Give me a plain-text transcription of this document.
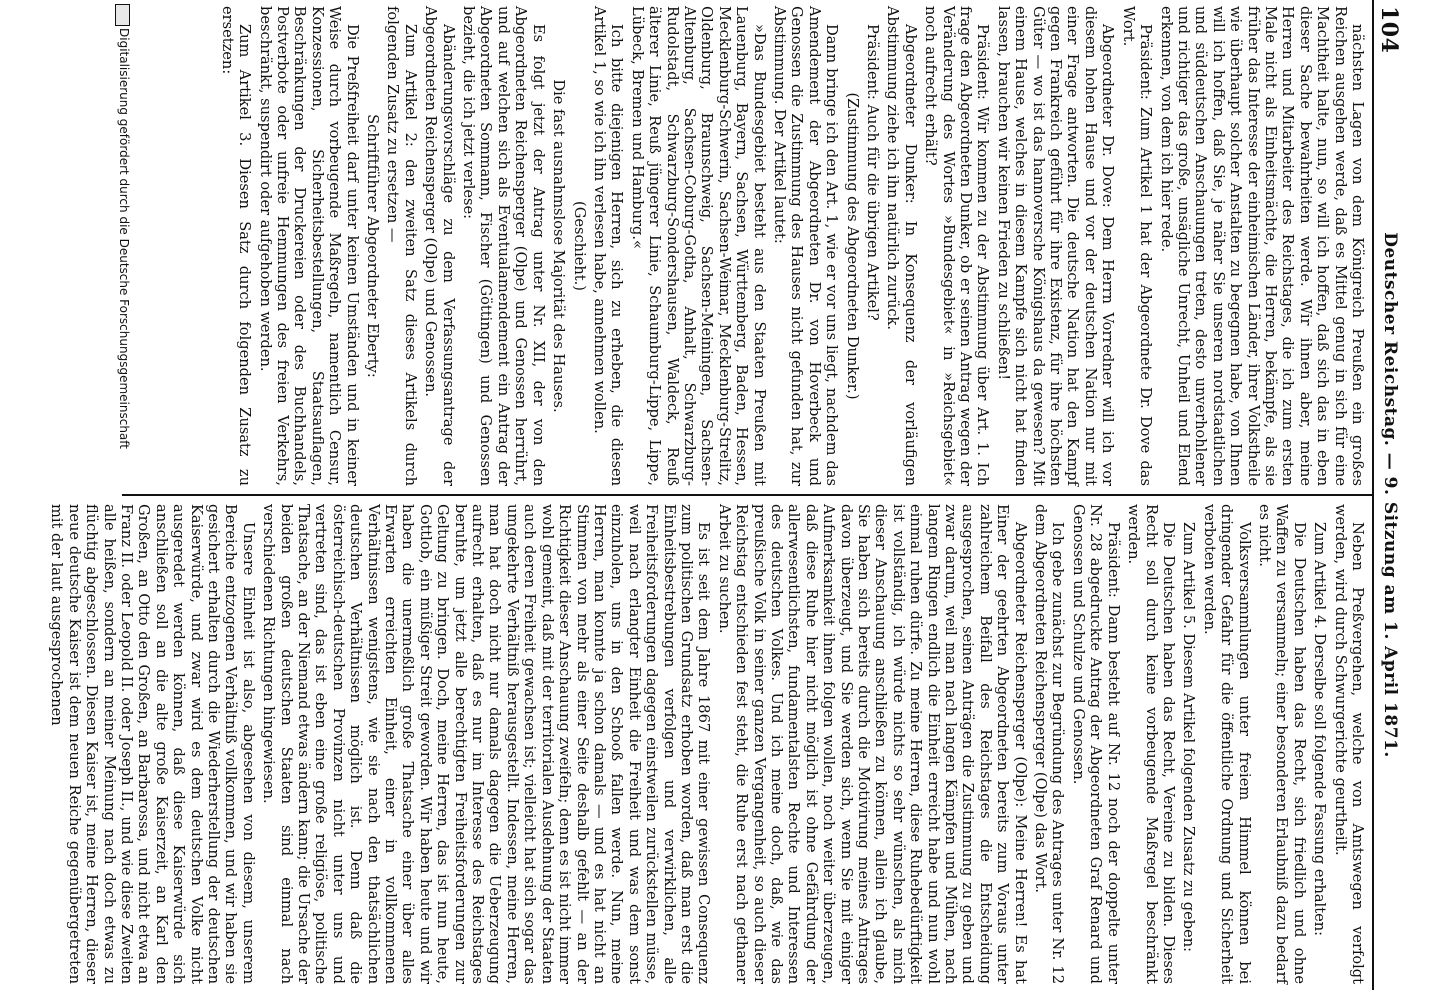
104
Deutscher Reichstag. — 9. Sitzung am 1. April 1871.

nächsten Lagen von dem Königreich Preußen ein großes Reichen ausgehen werde, daß es Mittel genug in sich für eine Machtheit halte, nun, so will ich hoffen, daß sich das in eben dieser Sache bewahrheiten werde. Wir ihnen aber, meine Herren und Mitarbeiter des Reichstages, die ich zum ersten Male nicht als Einheitsmächte, die Herren, bekämpfe, als sie früher das Interesse der einheimischen Länder, ihrer Volkstheile wie überhaupt solcher Anstalten zu begegnen habe, von Ihnen will ich hoffen, daß Sie, je näher Sie unseren nordstaatlichen und süddeutschen Anschauungen treten, desto unverhohlener und richtiger das große, unsägliche Unrecht, Unheil und Elend erkennen, von dem ich hier rede.

Präsident: Zum Artikel 1 hat der Abgeordnete Dr. Dove das Wort.

Abgeordneter Dr. Dove: Dem Herrn Vorredner will ich vor diesem hohen Hause und vor der deutschen Nation nur mit einer Frage antworten. Die deutsche Nation hat den Kampf gegen Frankreich geführt für ihre Existenz, für ihre höchsten Güter — wo ist das hannoversche Königshaus da gewesen? Mit einem Hause, welches in diesem Kampfe sich nicht hat finden lassen, brauchen wir keinen Frieden zu schließen!

Präsident: Wir kommen zu der Abstimmung über Art. 1. Ich frage den Abgeordneten Dunker, ob er seinen Antrag wegen der Veränderung des Wortes »Bundesgebiet« in »Reichsgebiet« noch aufrecht erhält?

Abgeordneter Dunker: In Konsequenz der vorläufigen Abstimmung ziehe ich ihn natürlich zurück.

Präsident: Auch für die übrigen Artikel?

(Zustimmung des Abgeordneten Dunker.)

Dann bringe ich den Art. 1, wie er vor uns liegt, nachdem das Amendement der Abgeordneten Dr. von Hoverbeck und Genossen die Zustimmung des Hauses nicht gefunden hat, zur Abstimmung. Der Artikel lautet:

»Das Bundesgebiet besteht aus den Staaten Preußen mit Lauenburg, Bayern, Sachsen, Württemberg, Baden, Hessen, Mecklenburg-Schwerin, Sachsen-Weimar, Mecklenburg-Strelitz, Oldenburg, Braunschweig, Sachsen-Meiningen, Sachsen-Altenburg, Sachsen-Coburg-Gotha, Anhalt, Schwarzburg-Rudolstadt, Schwarzburg-Sondershausen, Waldeck, Reuß älterer Linie, Reuß jüngerer Linie, Schaumburg-Lippe, Lippe, Lübeck, Bremen und Hamburg.«

Ich bitte diejenigen Herren, sich zu erheben, die diesen Artikel 1, so wie ich ihn verlesen habe, annehmen wollen.

(Geschieht.)

Die fast ausnahmslose Majorität des Hauses.

Es folgt jetzt der Antrag unter Nr. XII, der von den Abgeordneten Reichensperger (Olpe) und Genossen herrührt, und auf welchen sich als Eventualamendement ein Antrag der Abgeordneten Sommann, Fischer (Göttingen) und Genossen bezieht, die ich jetzt verlese:

Abänderungsvorschläge zu dem Verfassungsantrage der Abgeordneten Reichensperger (Olpe) und Genossen.

Zum Artikel 2: den zweiten Satz dieses Artikels durch folgenden Zusatz zu ersetzen —

Schriftführer Abgeordneter Eberty:

Die Preßfreiheit darf unter keinen Umständen und in keiner Weise durch vorbeugende Maßregeln, namentlich Censur, Konzessionen, Sicherheitsbestellungen, Staatsauflagen, Beschränkungen der Druckereien oder des Buchhandels, Postverbote oder unfreie Hemmungen des freien Verkehrs, beschränkt, suspendirt oder aufgehoben werden.

Zum Artikel 3. Diesen Satz durch folgenden Zusatz zu ersetzen:

Neben Preßvergehen, welche von Amtswegen verfolgt werden, wird durch Schwurgerichte geurtheilt.

Zum Artikel 4. Derselbe soll folgende Fassung erhalten:

Die Deutschen haben das Recht, sich friedlich und ohne Waffen zu versammeln; einer besonderen Erlaubniß dazu bedarf es nicht.

Volksversammlungen unter freiem Himmel können bei dringender Gefahr für die öffentliche Ordnung und Sicherheit verboten werden.

Zum Artikel 5. Diesem Artikel folgenden Zusatz zu geben:

Die Deutschen haben das Recht, Vereine zu bilden. Dieses Recht soll durch keine vorbeugende Maßregel beschränkt werden.

Präsident: Dann besteht auf Nr. 12 noch der doppelte unter Nr. 28 abgedruckte Antrag der Abgeordneten Graf Renard und Genossen und Schulze und Genossen.

Ich gebe zunächst zur Begründung des Antrages unter Nr. 12 dem Abgeordneten Reichensperger (Olpe) das Wort.

Abgeordneter Reichensperger (Olpe): Meine Herren! Es hat Einer der geehrten Abgeordneten bereits zum Voraus unter zahlreichem Beifall des Reichstages die Entscheidung ausgesprochen, seinen Anträgen die Zustimmung zu geben und zwar darum, weil man nach langen Kämpfen und Mühen, nach langem Ringen endlich die Einheit erreicht habe und nun wohl einmal ruhen dürfe. Zu meine Herren, diese Ruhebedürftigkeit ist vollständig, ich würde nichts so sehr wünschen, als mich dieser Anschauung anschließen zu können, allein ich glaube, Sie haben sich bereits durch die Motivirung meines Antrages davon überzeugt, und Sie werden sich, wenn Sie mit einiger Aufmerksamkeit ihnen folgen wollen, noch weiter überzeugen, daß diese Ruhe hier nicht möglich ist ohne Gefährdung der allerwesentlichsten, fundamentalsten Rechte und Interessen des deutschen Volkes. Und ich meine doch, daß, wie das preußische Volk in seiner ganzen Vergangenheit, so auch dieser Reichstag entschieden fest steht, die Ruhe erst nach gethaner Arbeit zu suchen.

Es ist seit dem Jahre 1867 mit einer gewissen Consequenz zum politischen Grundsatz erhoben worden, daß man erst die Einheitsbestrebungen verfolgen und verwirklichen, alle Freiheitsforderungen dagegen einstweilen zurückstellen müsse, weil nach erlangter Einheit die Freiheit und was dem sonst einzuholen, uns in den Schooß fallen werde. Nun, meine Herren, man konnte ja schon damals — und es hat nicht an Stimmen von mehr als einer Seite deshalb gefehlt — an der Richtigkeit dieser Anschauung zweifeln; denn es ist nicht immer wohl gemeint, daß mit der territorialen Ausdehnung der Staaten auch deren Freiheit gewachsen ist; vielleicht hat sich sogar das umgekehrte Verhältniß herausgestellt. Indessen, meine Herren, man hat doch nicht nur damals dagegen die Ueberzeugung aufrecht erhalten, daß es nur im Interesse des Reichstages beruhte, um jetzt alle berechtigten Freiheitsforderungen zur Geltung zu bringen. Doch, meine Herren, das ist nun heute, Gottlob, ein müßiger Streit geworden. Wir haben heute und wir haben die unermeßlich große Thatsache einer über alles Erwarten erreichten Einheit, einer in vollkommenen Verhältnissen wenigstens, wie sie nach den thatsächlichen deutschen Verhältnissen möglich ist. Denn daß die österreichisch-deutschen Provinzen nicht unter uns und vertreten sind, das ist eben eine große religiöse, politische Thatsache, an der Niemand etwas ändern kann; die Ursache der beiden großen deutschen Staaten sind einmal nach verschiedenen Richtungen hingewiesen.

Unsere Einheit ist also, abgesehen von diesem, unserem Bereiche entzogenen Verhältniß vollkommen, und wir haben sie gesichert erhalten durch die Wiederherstellung der deutschen Kaiserwürde, und zwar wird es dem deutschen Volke nicht ausgeredet werden können, daß diese Kaiserwürde sich anschließen soll an die alte große Kaiserzeit, an Karl den Großen, an Otto den Großen, an Barbarossa, und nicht etwa an Franz II. oder Leopold II. oder Joseph II., und wie diese Zweiten alle heißen, sondern an meiner Meinung nach doch etwas zu flüchtig abgeschlossen. Diesen Kaiser ist, meine Herren, dieser neue deutsche Kaiser ist dem neuen Reiche gegenübergetreten mit der laut ausgesprochenen

Digitalisierung gefördert durch die Deutsche Forschungsgemeinschaft
